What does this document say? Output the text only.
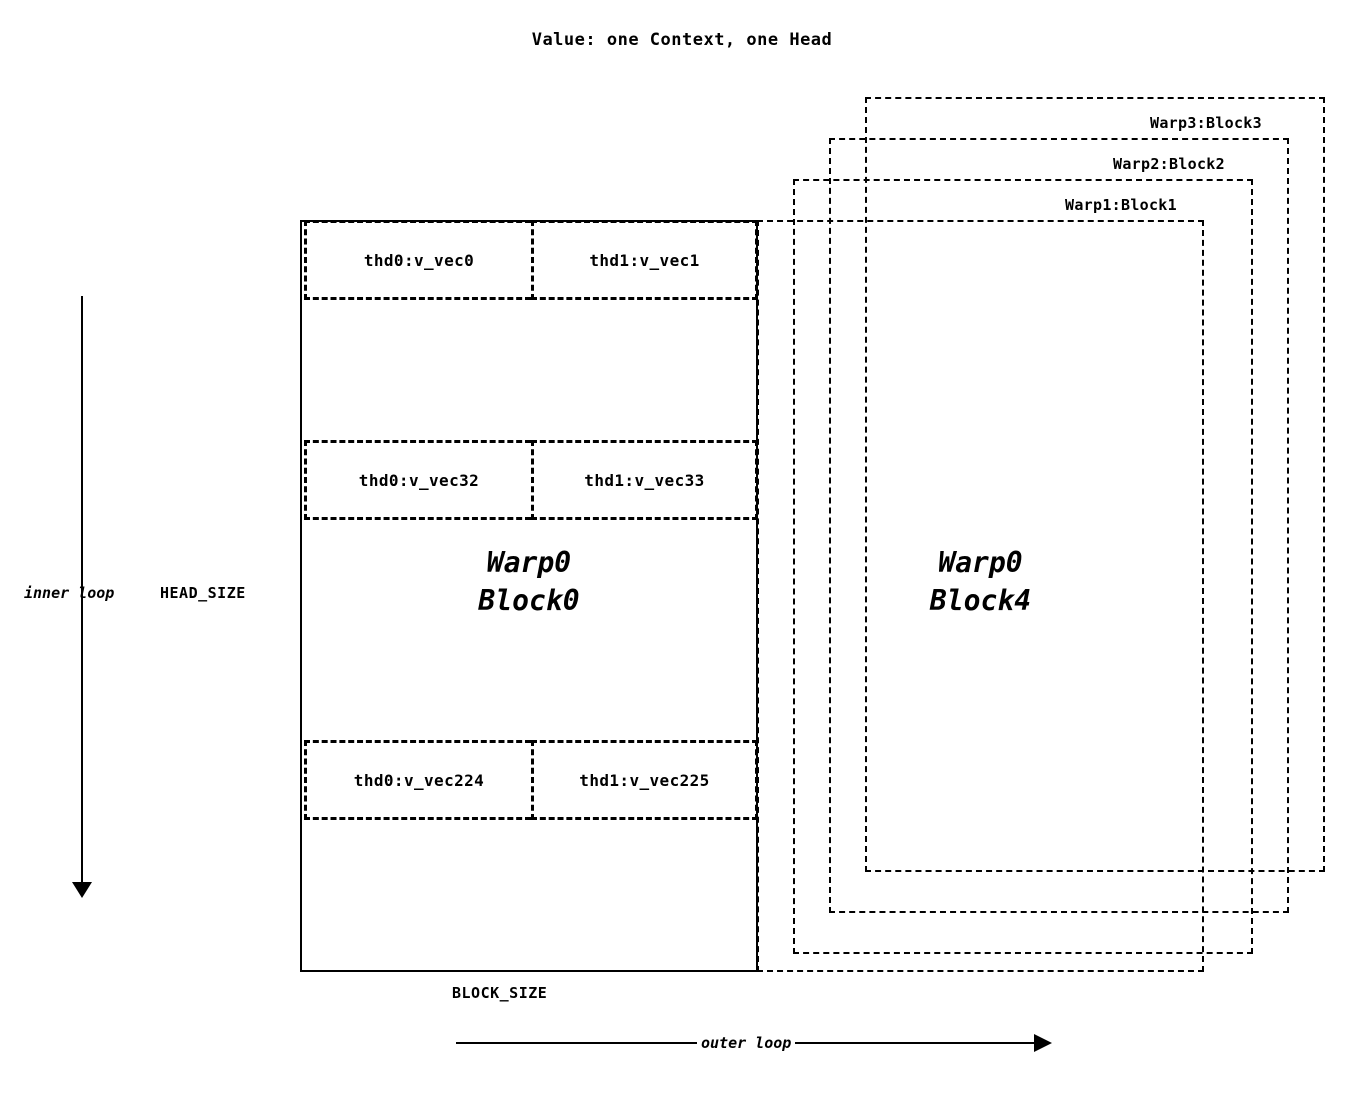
Value: one Context, one Head
Warp3:Block3
Warp2:Block2
Warp1:Block1
Warp0
Block4
thd0:v_vec0	thd1:v_vec1
thd0:v_vec32	thd1:v_vec33
thd0:v_vec224	thd1:v_vec225
Warp0
Block0
inner loop	HEAD_SIZE
BLOCK_SIZE
outer loop
